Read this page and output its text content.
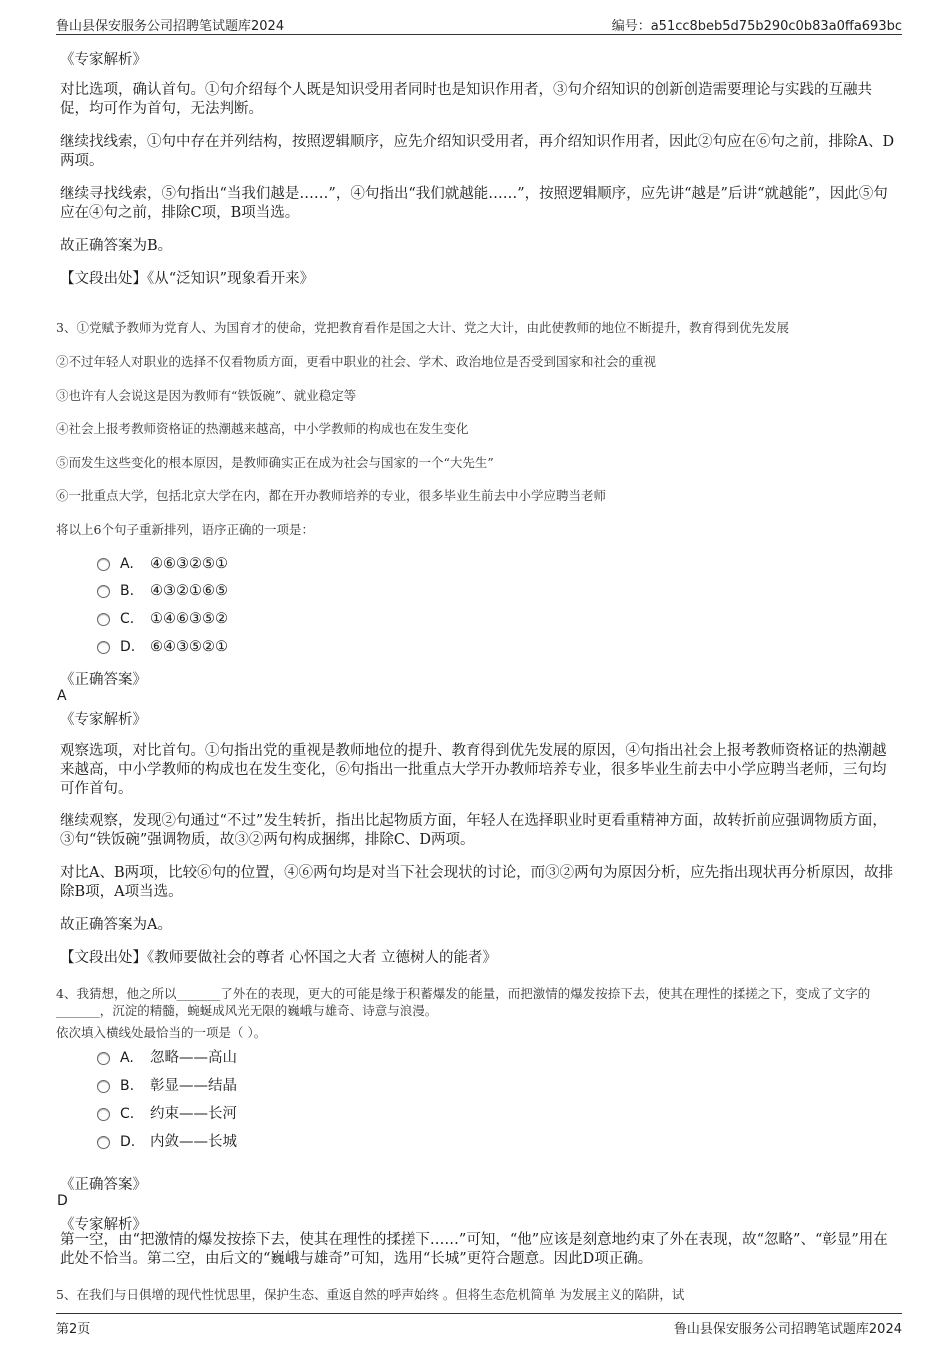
鲁山县保安服务公司招聘笔试题库2024	编号：a51cc8beb5d75b290c0b83a0ffa693bc
《专家解析》
对比选项，确认首句。①句介绍每个人既是知识受用者同时也是知识作用者，③句介绍知识的创新创造需要理论与实践的互融共促，均可作为首句，无法判断。
继续找线索，①句中存在并列结构，按照逻辑顺序，应先介绍知识受用者，再介绍知识作用者，因此②句应在⑥句之前，排除A、D两项。
继续寻找线索，⑤句指出“当我们越是……”，④句指出“我们就越能……”，按照逻辑顺序，应先讲“越是”后讲“就越能”，因此⑤句应在④句之前，排除C项，B项当选。
故正确答案为B。
【文段出处】《从“泛知识”现象看开来》
3、①党赋予教师为党育人、为国育才的使命，党把教育看作是国之大计、党之大计，由此使教师的地位不断提升，教育得到优先发展
②不过年轻人对职业的选择不仅看物质方面，更看中职业的社会、学术、政治地位是否受到国家和社会的重视
③也许有人会说这是因为教师有“铁饭碗”、就业稳定等
④社会上报考教师资格证的热潮越来越高，中小学教师的构成也在发生变化
⑤而发生这些变化的根本原因，是教师确实正在成为社会与国家的一个“大先生”
⑥一批重点大学，包括北京大学在内，都在开办教师培养的专业，很多毕业生前去中小学应聘当老师
将以上6个句子重新排列，语序正确的一项是：
A. ④⑥③②⑤①
B. ④③②①⑥⑤
C. ①④⑥③⑤②
D. ⑥④③⑤②①
《正确答案》
A
《专家解析》
观察选项，对比首句。①句指出党的重视是教师地位的提升、教育得到优先发展的原因，④句指出社会上报考教师资格证的热潮越来越高，中小学教师的构成也在发生变化，⑥句指出一批重点大学开办教师培养专业，很多毕业生前去中小学应聘当老师，三句均可作首句。
继续观察，发现②句通过“不过”发生转折，指出比起物质方面，年轻人在选择职业时更看重精神方面，故转折前应强调物质方面，③句“铁饭碗”强调物质，故③②两句构成捆绑，排除C、D两项。
对比A、B两项，比较⑥句的位置，④⑥两句均是对当下社会现状的讨论，而③②两句为原因分析，应先指出现状再分析原因，故排除B项，A项当选。
故正确答案为A。
【文段出处】《教师要做社会的尊者 心怀国之大者 立德树人的能者》
4、我猜想，他之所以_______了外在的表现，更大的可能是缘于积蓄爆发的能量，而把激情的爆发按捺下去，使其在理性的揉搓之下，变成了文字的_______，沉淀的精髓，蜿蜒成风光无限的巍峨与雄奇、诗意与浪漫。
依次填入横线处最恰当的一项是（ ）。
A. 忽略——高山
B. 彰显——结晶
C. 约束——长河
D. 内敛——长城
《正确答案》
D
《专家解析》
第一空，由“把激情的爆发按捺下去，使其在理性的揉搓下……”可知，“他”应该是刻意地约束了外在表现，故“忽略”、“彰显”用在此处不恰当。第二空，由后文的“巍峨与雄奇”可知，选用“长城”更符合题意。因此D项正确。
5、在我们与日俱增的现代性忧思里，保护生态、重返自然的呼声始终 。但将生态危机简单 为发展主义的陷阱，试
第2页	鲁山县保安服务公司招聘笔试题库2024
